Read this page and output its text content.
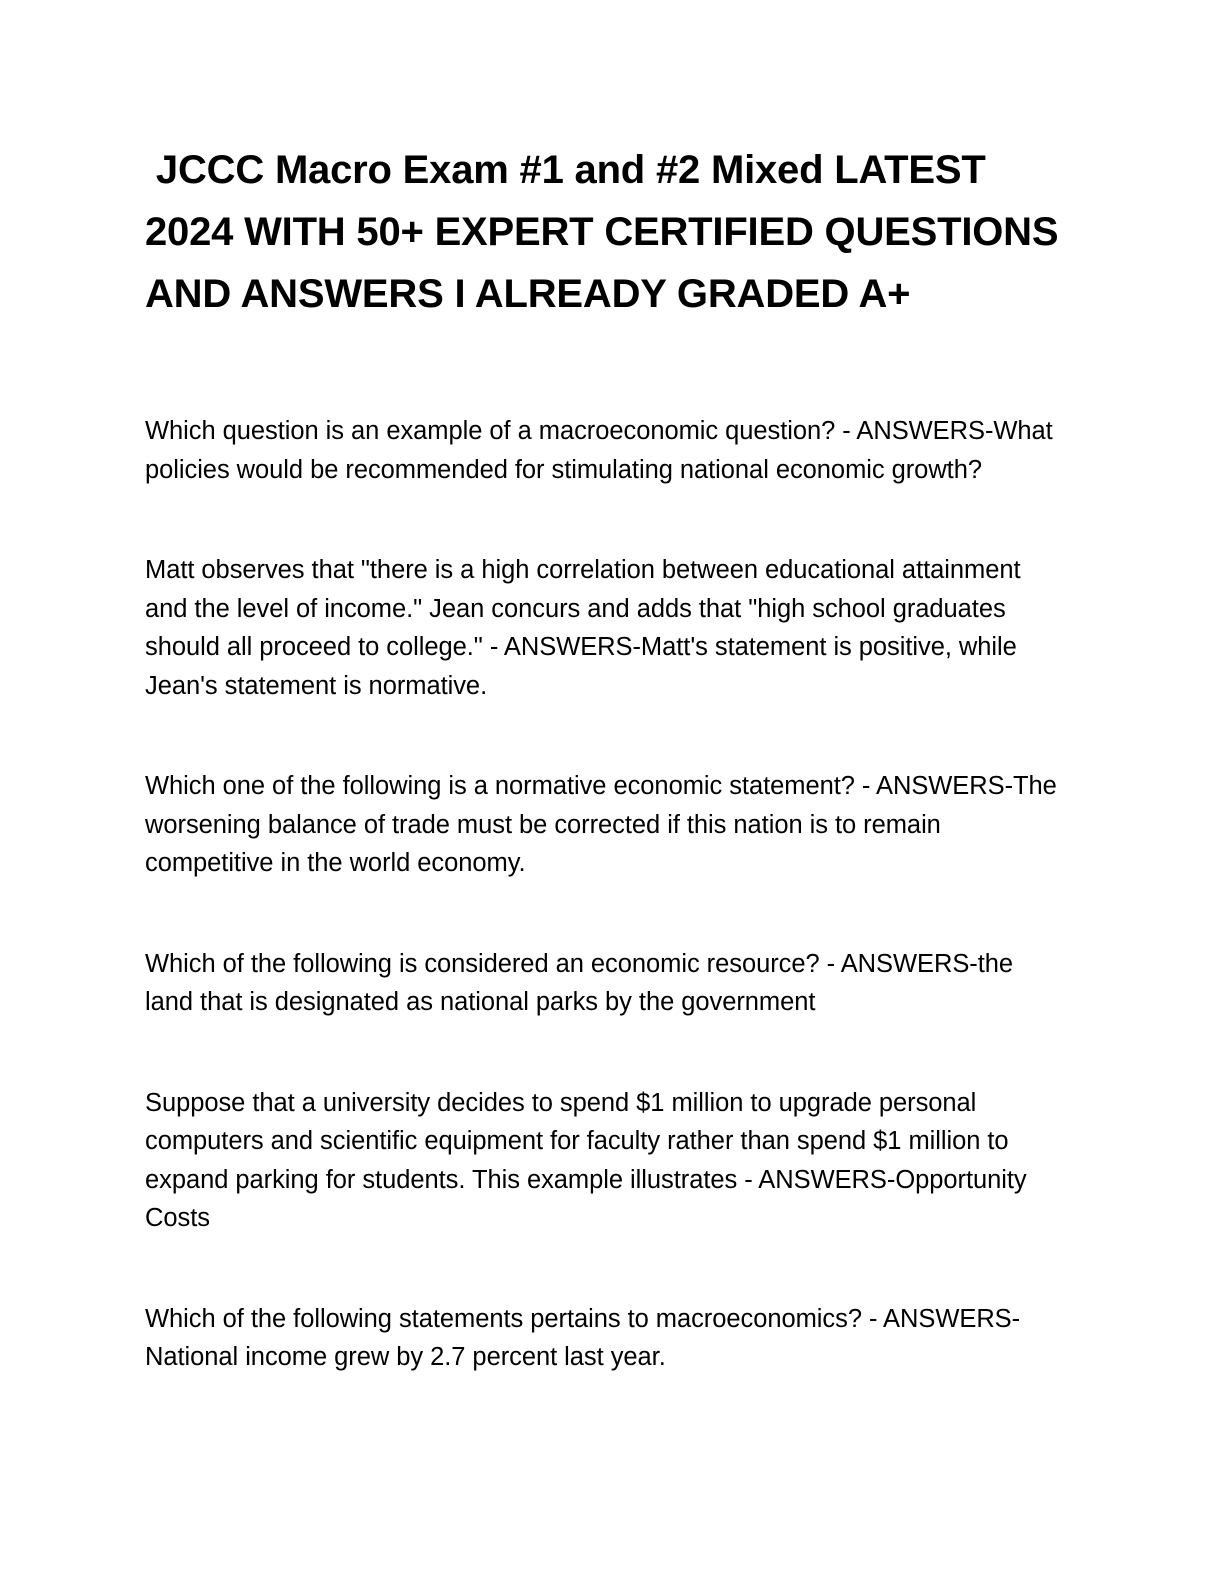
JCCC Macro Exam #1 and #2 Mixed LATEST 2024 WITH 50+ EXPERT CERTIFIED QUESTIONS AND ANSWERS I ALREADY GRADED A+

Which question is an example of a macroeconomic question? - ANSWERS-What policies would be recommended for stimulating national economic growth?

Matt observes that "there is a high correlation between educational attainment and the level of income." Jean concurs and adds that "high school graduates should all proceed to college." - ANSWERS-Matt's statement is positive, while Jean's statement is normative.

Which one of the following is a normative economic statement? - ANSWERS-The worsening balance of trade must be corrected if this nation is to remain competitive in the world economy.

Which of the following is considered an economic resource? - ANSWERS-the land that is designated as national parks by the government

Suppose that a university decides to spend $1 million to upgrade personal computers and scientific equipment for faculty rather than spend $1 million to expand parking for students. This example illustrates - ANSWERS-Opportunity Costs

Which of the following statements pertains to macroeconomics? - ANSWERS-National income grew by 2.7 percent last year.
